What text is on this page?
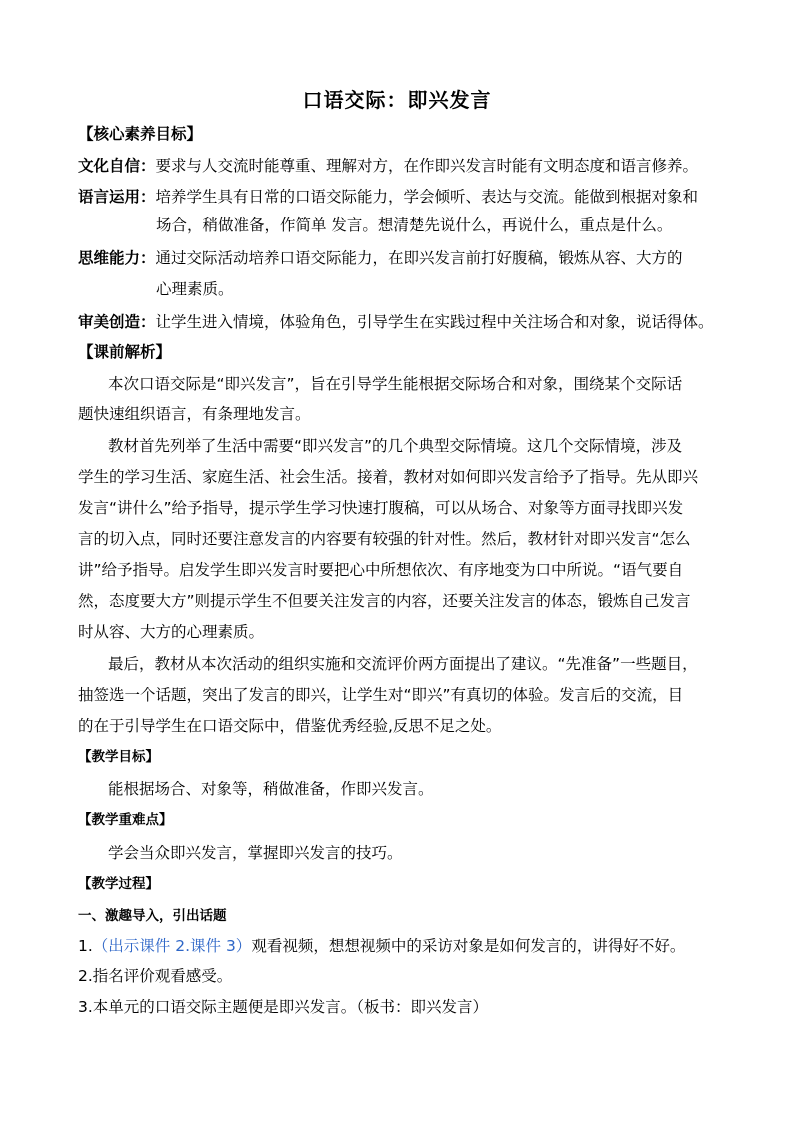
口语交际：即兴发言
【核心素养目标】
文化自信：要求与人交流时能尊重、理解对方，在作即兴发言时能有文明态度和语言修养。
语言运用：培养学生具有日常的口语交际能力，学会倾听、表达与交流。能做到根据对象和
场合，稍做准备，作简单 发言。想清楚先说什么，再说什么，重点是什么。
思维能力：通过交际活动培养口语交际能力，在即兴发言前打好腹稿，锻炼从容、大方的
心理素质。
审美创造：让学生进入情境，体验角色，引导学生在实践过程中关注场合和对象，说话得体。
【课前解析】
本次口语交际是“即兴发言”，旨在引导学生能根据交际场合和对象，围绕某个交际话
题快速组织语言，有条理地发言。
教材首先列举了生活中需要“即兴发言”的几个典型交际情境。这几个交际情境，涉及
学生的学习生活、家庭生活、社会生活。接着，教材对如何即兴发言给予了指导。先从即兴
发言“讲什么”给予指导，提示学生学习快速打腹稿，可以从场合、对象等方面寻找即兴发
言的切入点，同时还要注意发言的内容要有较强的针对性。然后，教材针对即兴发言“怎么
讲”给予指导。启发学生即兴发言时要把心中所想依次、有序地变为口中所说。“语气要自
然，态度要大方”则提示学生不但要关注发言的内容，还要关注发言的体态，锻炼自己发言
时从容、大方的心理素质。
最后，教材从本次活动的组织实施和交流评价两方面提出了建议。“先准备”一些题目，
抽签选一个话题，突出了发言的即兴，让学生对“即兴”有真切的体验。发言后的交流，目
的在于引导学生在口语交际中，借鉴优秀经验,反思不足之处。
【教学目标】
能根据场合、对象等，稍做准备，作即兴发言。
【教学重难点】
学会当众即兴发言，掌握即兴发言的技巧。
【教学过程】
一、激趣导入，引出话题
1.（出示课件 2.课件 3）观看视频，想想视频中的采访对象是如何发言的，讲得好不好。
2.指名评价观看感受。
3.本单元的口语交际主题便是即兴发言。（板书：即兴发言）
